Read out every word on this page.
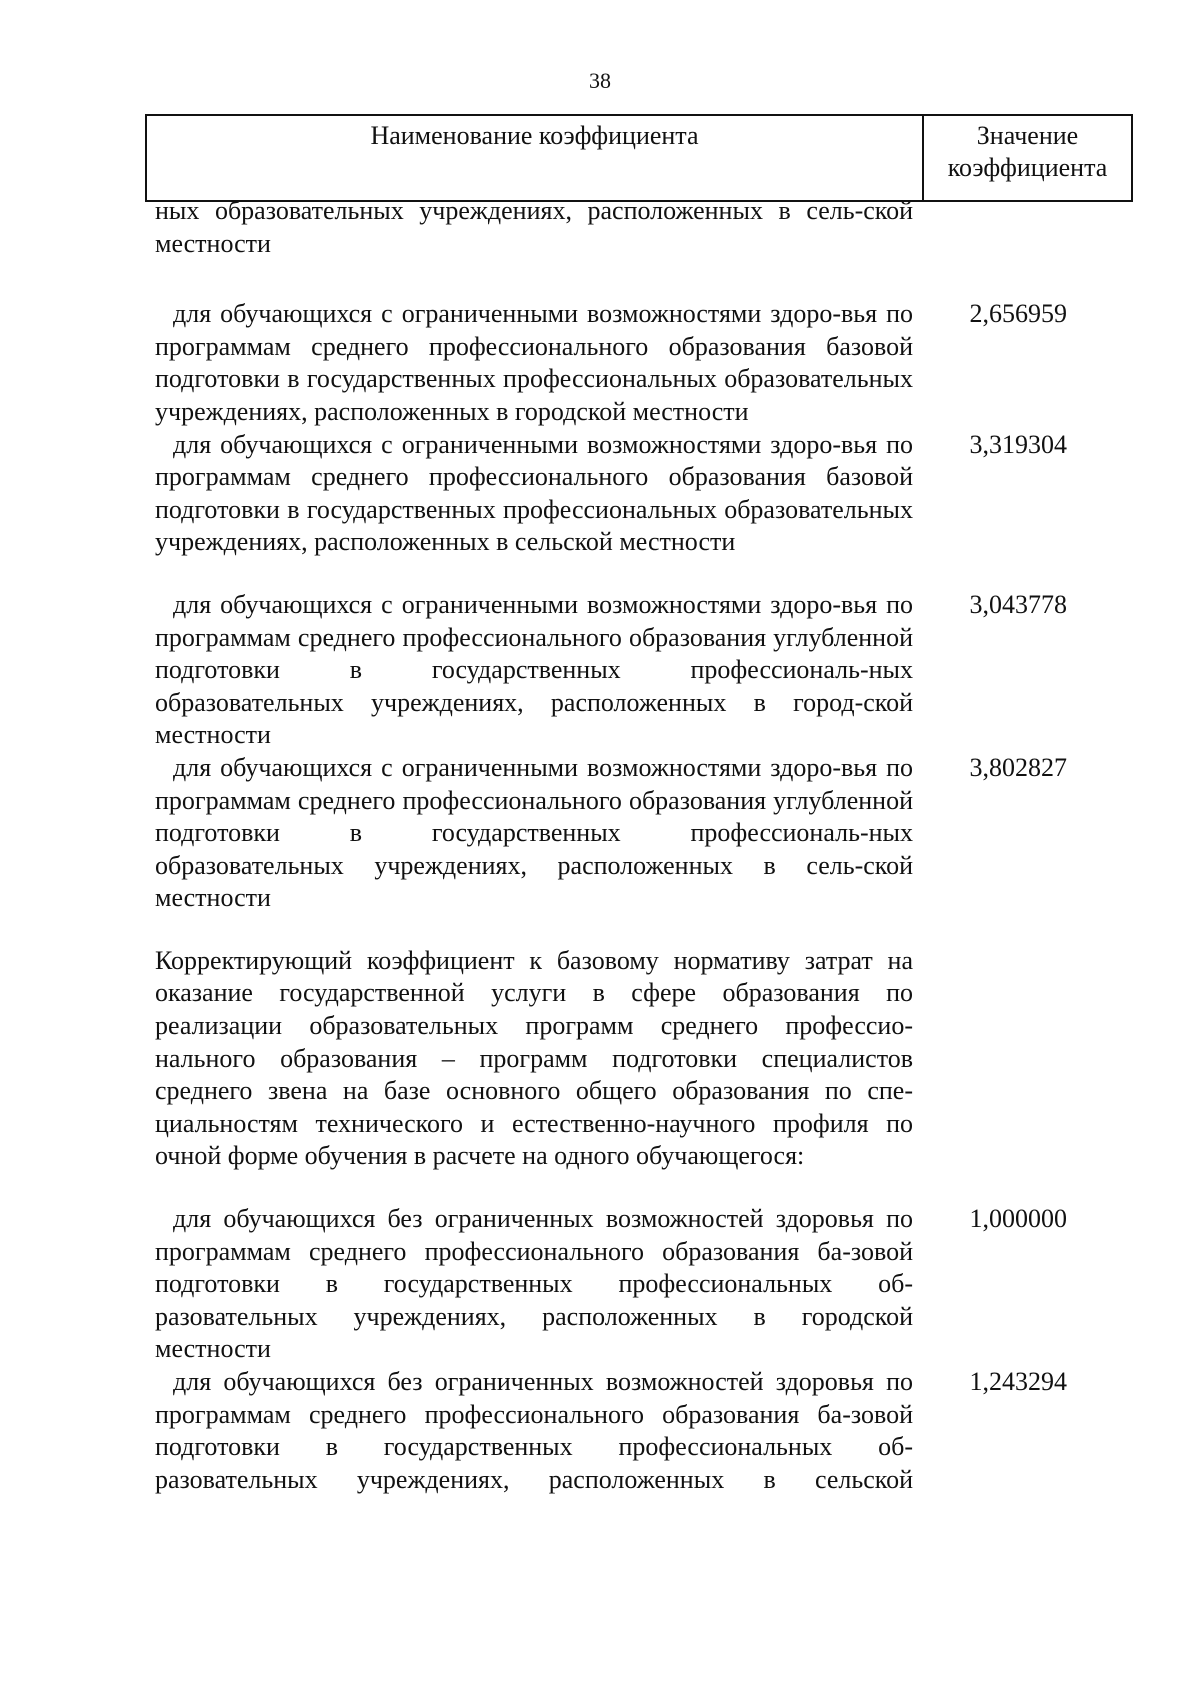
38
Наименование коэффициента	Значение
коэффициента
ных образовательных учреждениях, расположенных в сель-ской местности
для обучающихся с ограниченными возможностями здоро-вья по программам среднего профессионального образования базовой подготовки в государственных профессиональных образовательных учреждениях, расположенных в городской местности
2,656959
для обучающихся с ограниченными возможностями здоро-вья по программам среднего профессионального образования базовой подготовки в государственных профессиональных образовательных учреждениях, расположенных в сельской местности
3,319304
для обучающихся с ограниченными возможностями здоро-вья по программам среднего профессионального образования углубленной подготовки в государственных профессиональ-ных образовательных учреждениях, расположенных в город-ской местности
3,043778
для обучающихся с ограниченными возможностями здоро-вья по программам среднего профессионального образования углубленной подготовки в государственных профессиональ-ных образовательных учреждениях, расположенных в сель-ской местности
3,802827
Корректирующий коэффициент к базовому нормативу затрат на оказание государственной услуги в сфере образования по реализации образовательных программ среднего профессио-нального образования – программ подготовки специалистов среднего звена на базе основного общего образования по спе-циальностям технического и естественно-научного профиля по очной форме обучения в расчете на одного обучающегося:
для обучающихся без ограниченных возможностей здоровья по программам среднего профессионального образования ба-зовой подготовки в государственных профессиональных об-разовательных учреждениях, расположенных в городской местности
1,000000
для обучающихся без ограниченных возможностей здоровья по программам среднего профессионального образования ба-зовой подготовки в государственных профессиональных об-разовательных учреждениях, расположенных в сельской
1,243294
